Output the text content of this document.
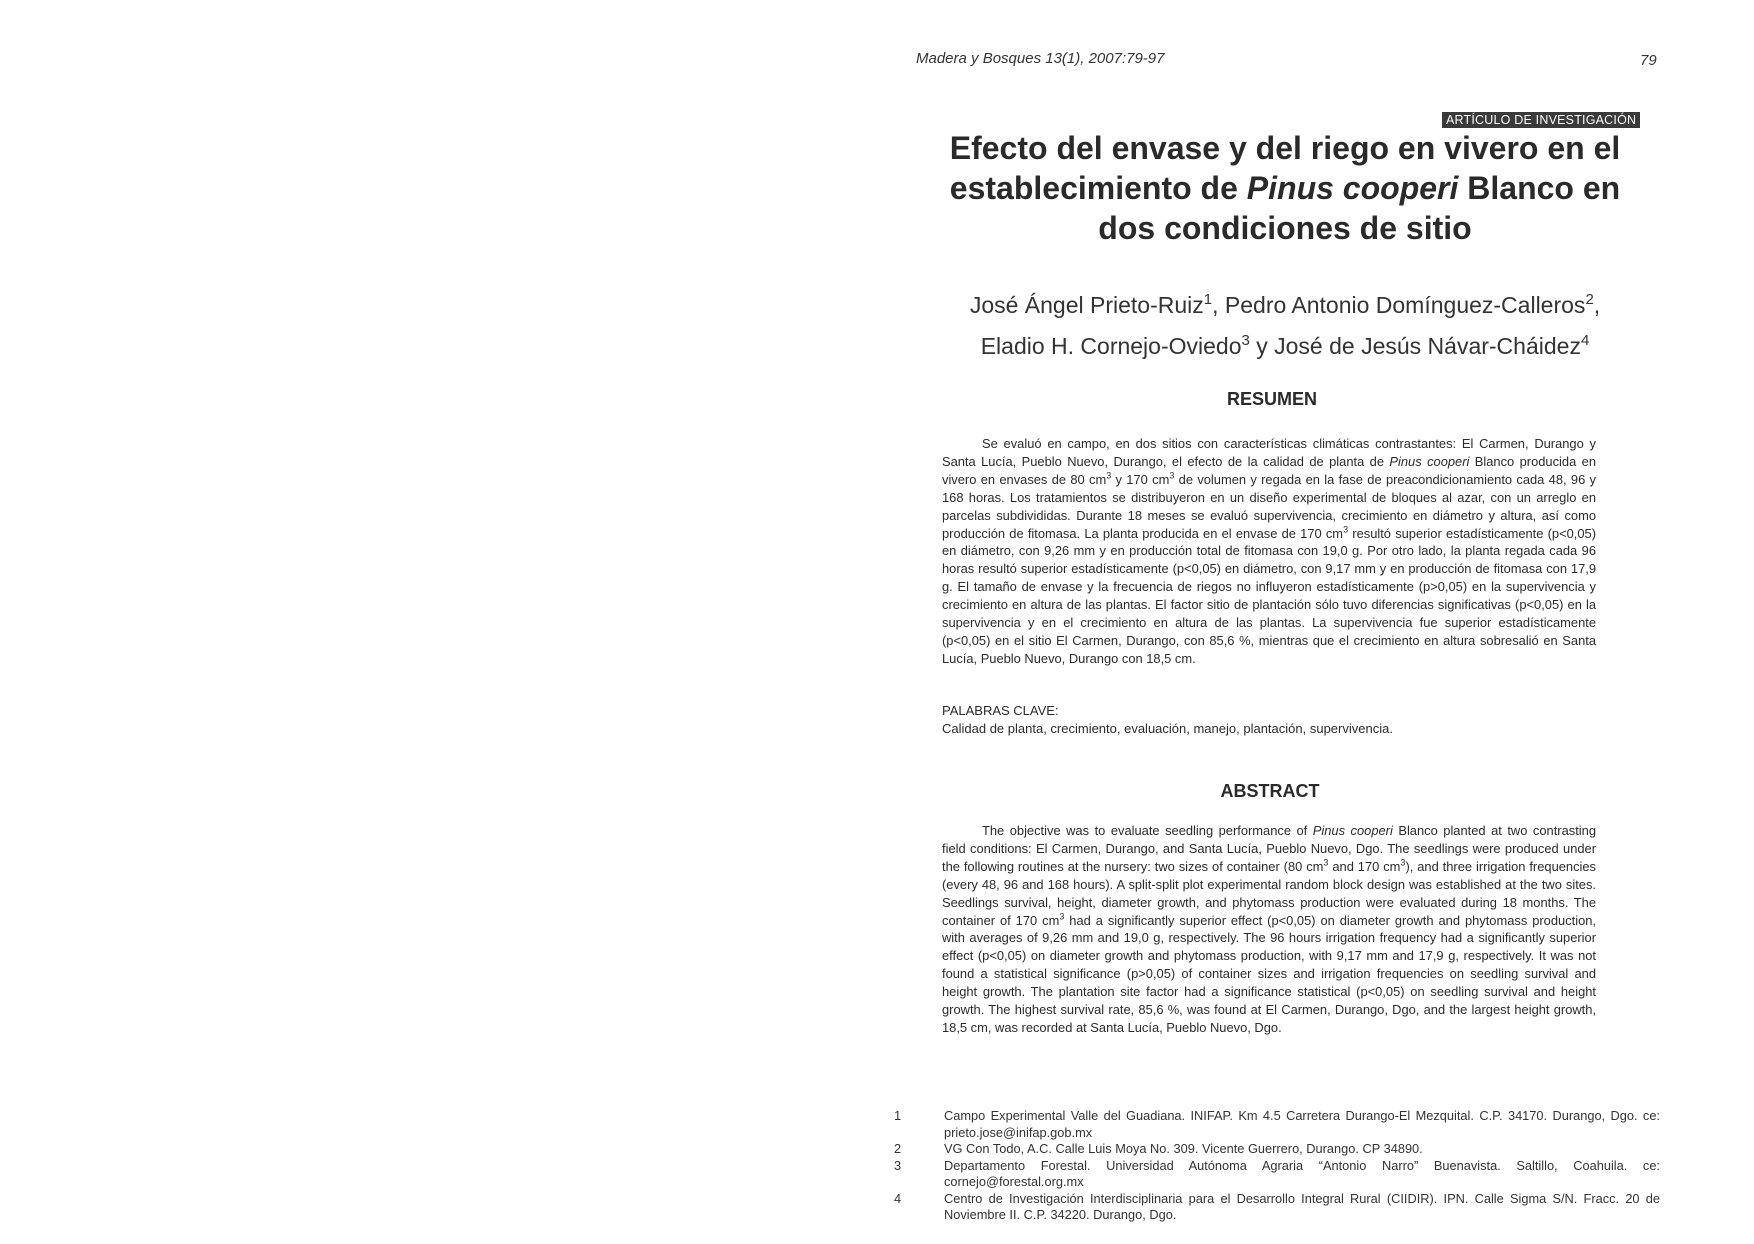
Madera y Bosques 13(1), 2007:79-97	79
ARTÍCULO DE INVESTIGACIÓN
Efecto del envase y del riego en vivero en el establecimiento de Pinus cooperi Blanco en dos condiciones de sitio
José Ángel Prieto-Ruiz$^1$, Pedro Antonio Domínguez-Calleros$^2$,
Eladio H. Cornejo-Oviedo$^3$ y José de Jesús Návar-Cháidez$^4$
RESUMEN

Se evaluó en campo, en dos sitios con características climáticas contrastantes: El Carmen, Durango y Santa Lucía, Pueblo Nuevo, Durango, el efecto de la calidad de planta de Pinus cooperi Blanco producida en vivero en envases de 80 $cm^3$ y 170 $cm^3$ de volumen y regada en la fase de preacondicionamiento cada 48, 96 y 168 horas. Los tratamientos se distribuyeron en un diseño experimental de bloques al azar, con un arreglo en parcelas subdivididas. Durante 18 meses se evaluó supervivencia, crecimiento en diámetro y altura, así como producción de fitomasa. La planta producida en el envase de 170 $cm^3$ resultó superior estadísticamente (p<0,05) en diámetro, con 9,26 mm y en producción total de fitomasa con 19,0 g. Por otro lado, la planta regada cada 96 horas resultó superior estadísticamente (p<0,05) en diámetro, con 9,17 mm y en producción de fitomasa con 17,9 g. El tamaño de envase y la frecuencia de riegos no influyeron estadísticamente (p>0,05) en la supervivencia y crecimiento en altura de las plantas. El factor sitio de plantación sólo tuvo diferencias significativas (p<0,05) en la supervivencia y en el crecimiento en altura de las plantas. La supervivencia fue superior estadísticamente (p<0,05) en el sitio El Carmen, Durango, con 85,6 %, mientras que el crecimiento en altura sobresalió en Santa Lucía, Pueblo Nuevo, Durango con 18,5 cm.

PALABRAS CLAVE:
Calidad de planta, crecimiento, evaluación, manejo, plantación, supervivencia.
ABSTRACT

The objective was to evaluate seedling performance of Pinus cooperi Blanco planted at two contrasting field conditions: El Carmen, Durango, and Santa Lucía, Pueblo Nuevo, Dgo. The seedlings were produced under the following routines at the nursery: two sizes of container (80 $cm^3$ and 170 $cm^3$), and three irrigation frequencies (every 48, 96 and 168 hours). A split-split plot experimental random block design was established at the two sites. Seedlings survival, height, diameter growth, and phytomass production were evaluated during 18 months. The container of 170 $cm^3$ had a significantly superior effect (p<0,05) on diameter growth and phytomass production, with averages of 9,26 mm and 19,0 g, respectively. The 96 hours irrigation frequency had a significantly superior effect (p<0,05) on diameter growth and phytomass production, with 9,17 mm and 17,9 g, respectively. It was not found a statistical significance (p>0,05) of container sizes and irrigation frequencies on seedling survival and height growth. The plantation site factor had a significance statistical (p<0,05) on seedling survival and height growth. The highest survival rate, 85,6 %, was found at El Carmen, Durango, Dgo, and the largest height growth, 18,5 cm, was recorded at Santa Lucía, Pueblo Nuevo, Dgo.

1	Campo Experimental Valle del Guadiana. INIFAP. Km 4.5 Carretera Durango-El Mezquital. C.P. 34170. Durango, Dgo. ce: prieto.jose@inifap.gob.mx
2	VG Con Todo, A.C. Calle Luis Moya No. 309. Vicente Guerrero, Durango. CP 34890.
3	Departamento Forestal. Universidad Autónoma Agraria “Antonio Narro” Buenavista. Saltillo, Coahuila. ce: cornejo@forestal.org.mx
4	Centro de Investigación Interdisciplinaria para el Desarrollo Integral Rural (CIIDIR). IPN. Calle Sigma S/N. Fracc. 20 de Noviembre II. C.P. 34220. Durango, Dgo.
